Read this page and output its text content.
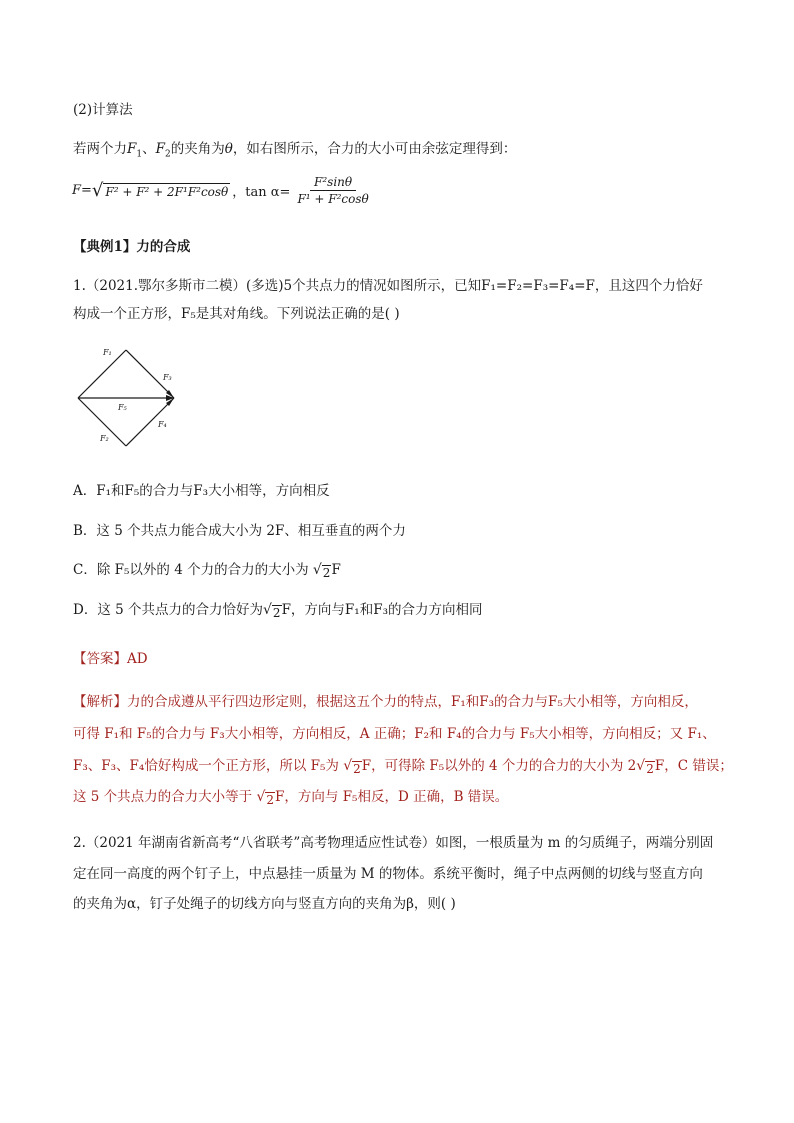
(2)计算法
若两个力$F_1$、$F_2$的夹角为θ，如右图所示，合力的大小可由余弦定理得到：
F= √ F² + F² + 2F¹F²cosθ ，$\tan \alpha= \frac{\text{F²sinθ}}{\text{F¹ + F²cosθ}}$
【典例1】力的合成
1.（2021.鄂尔多斯市二模）(多选)5个共点力的情况如图所示，已知F₁=F₂=F₃=F₄=F，且这四个力恰好
构成一个正方形，F₅是其对角线。下列说法正确的是( )
F₁
F₃
F₅
F₂
F₄
A．F₁和F₅的合力与F₃大小相等，方向相反
B．这 5 个共点力能合成大小为 2F、相互垂直的两个力
C．除 F₅以外的 4 个力的合力的大小为 √ 2 F
D．这 5 个共点力的合力恰好为 √ 2 F，方向与F₁和F₃的合力方向相同
【答案】AD
【解析】力的合成遵从平行四边形定则，根据这五个力的特点，F₁和F₃的合力与F₅大小相等，方向相反，
可得 F₁和 F₅的合力与 F₃大小相等，方向相反，A 正确；F₂和 F₄的合力与 F₅大小相等，方向相反；又 F₁、
F₃、F₃、F₄恰好构成一个正方形，所以 F₅为 √ 2 F，可得除 F₅以外的 4 个力的合力的大小为 2 √ 2 F，C 错误；
这 5 个共点力的合力大小等于 √ 2 F，方向与 F₅相反，D 正确，B 错误。
2.（2021 年湖南省新高考“八省联考”高考物理适应性试卷）如图，一根质量为 m 的匀质绳子，两端分别固
定在同一高度的两个钉子上，中点悬挂一质量为 M 的物体。系统平衡时，绳子中点两侧的切线与竖直方向
的夹角为α，钉子处绳子的切线方向与竖直方向的夹角为β，则( )
